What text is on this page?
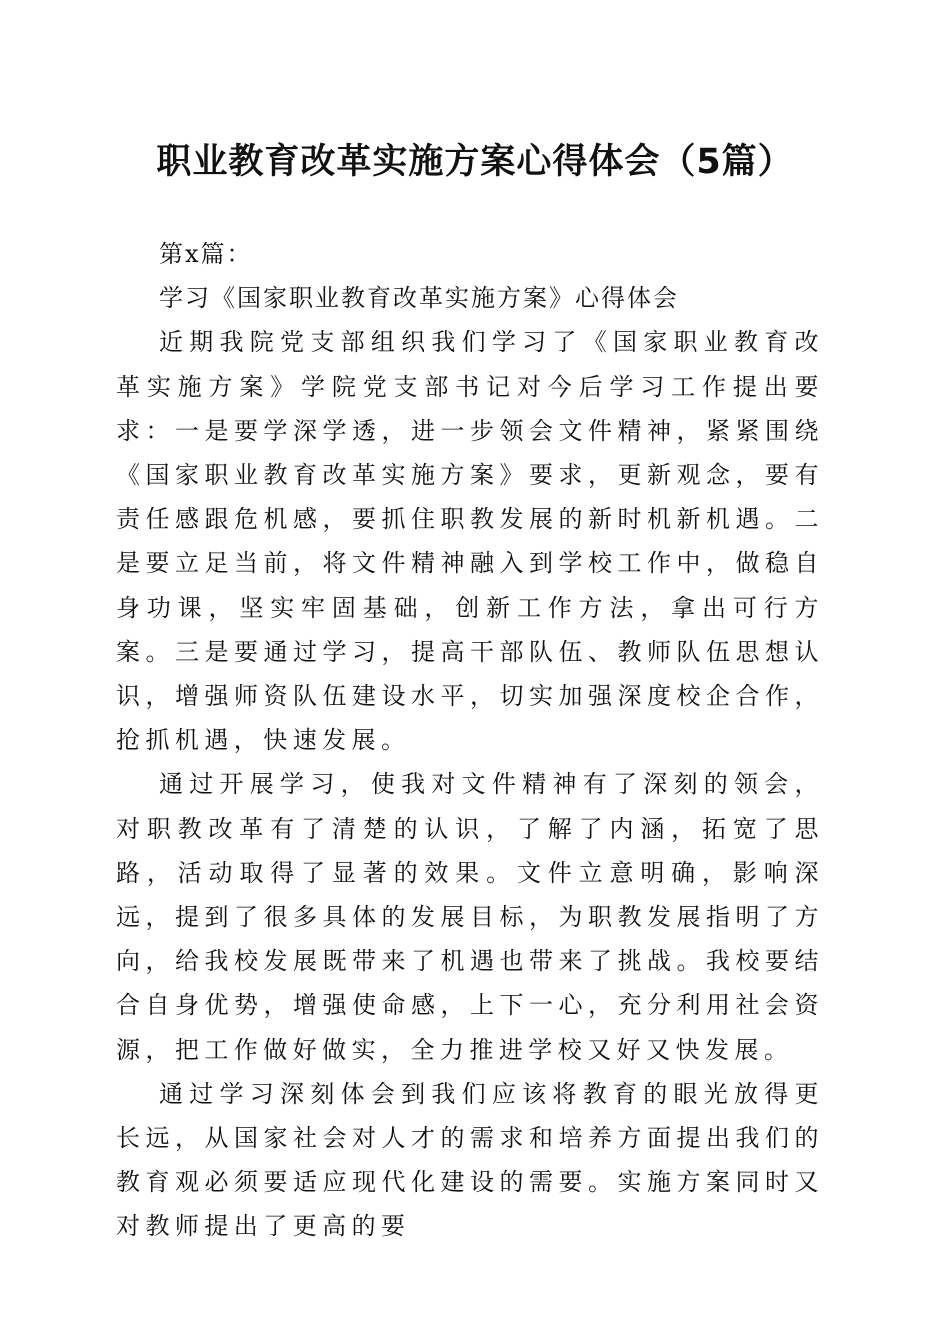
职业教育改革实施方案心得体会（5篇）

第x篇：

学习《国家职业教育改革实施方案》心得体会

近期我院党支部组织我们学习了《国家职业教育改革实施方案》学院党支部书记对今后学习工作提出要求：一是要学深学透，进一步领会文件精神，紧紧围绕《国家职业教育改革实施方案》要求，更新观念，要有责任感跟危机感，要抓住职教发展的新时机新机遇。二是要立足当前，将文件精神融入到学校工作中，做稳自身功课，坚实牢固基础，创新工作方法，拿出可行方案。三是要通过学习，提高干部队伍、教师队伍思想认识，增强师资队伍建设水平，切实加强深度校企合作，抢抓机遇，快速发展。

通过开展学习，使我对文件精神有了深刻的领会，对职教改革有了清楚的认识，了解了内涵，拓宽了思路，活动取得了显著的效果。文件立意明确，影响深远，提到了很多具体的发展目标，为职教发展指明了方向，给我校发展既带来了机遇也带来了挑战。我校要结合自身优势，增强使命感，上下一心，充分利用社会资源，把工作做好做实，全力推进学校又好又快发展。

通过学习深刻体会到我们应该将教育的眼光放得更长远，从国家社会对人才的需求和培养方面提出我们的教育观必须要适应现代化建设的需要。实施方案同时又对教师提出了更高的要
